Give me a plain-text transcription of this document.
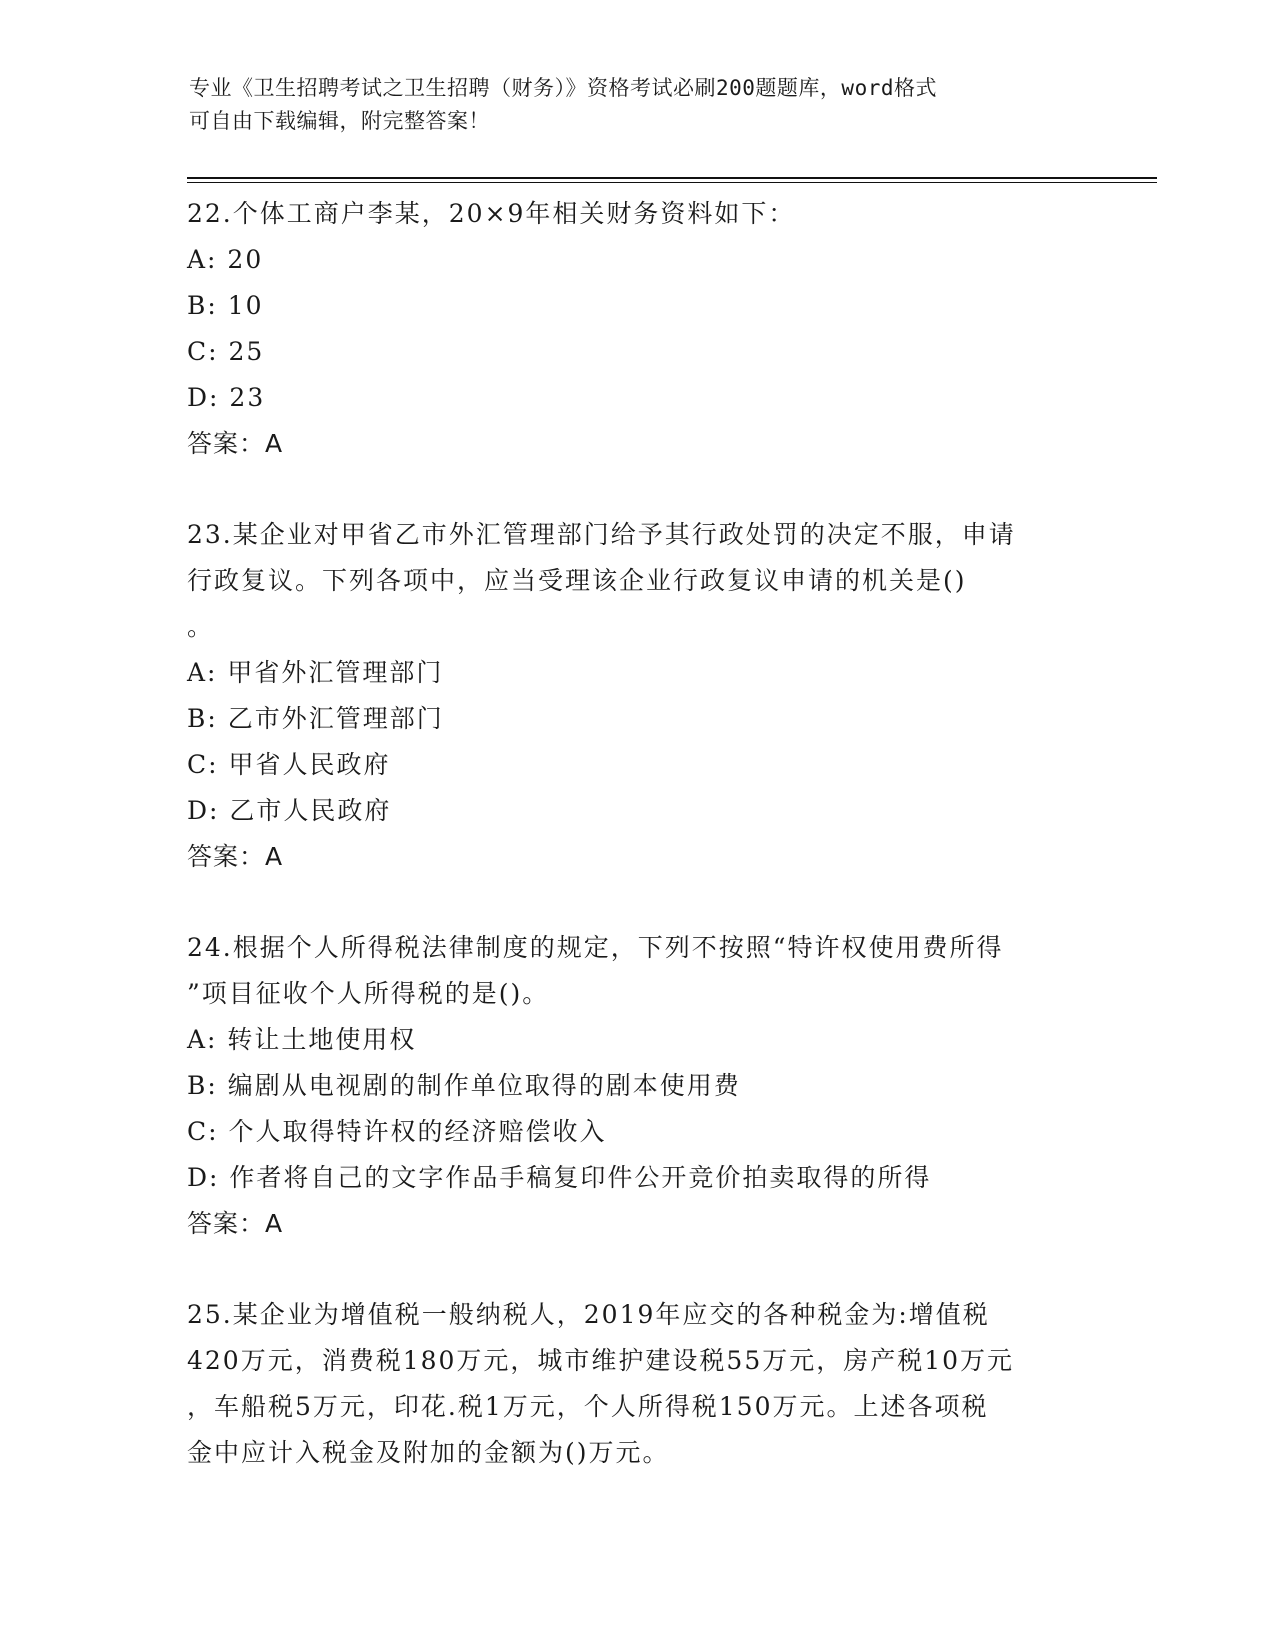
专业《卫生招聘考试之卫生招聘（财务）》资格考试必刷200题题库，word格式
可自由下载编辑，附完整答案！

22.个体工商户李某，20×9年相关财务资料如下：

A: 20

B: 10

C: 25

D: 23

答案：A

23.某企业对甲省乙市外汇管理部门给予其行政处罚的决定不服，申请

行政复议。下列各项中，应当受理该企业行政复议申请的机关是()

。

A: 甲省外汇管理部门

B: 乙市外汇管理部门

C: 甲省人民政府

D: 乙市人民政府

答案：A

24.根据个人所得税法律制度的规定，下列不按照“特许权使用费所得

”项目征收个人所得税的是()。

A: 转让土地使用权

B: 编剧从电视剧的制作单位取得的剧本使用费

C: 个人取得特许权的经济赔偿收入

D: 作者将自己的文字作品手稿复印件公开竞价拍卖取得的所得

答案：A

25.某企业为增值税一般纳税人，2019年应交的各种税金为:增值税

420万元，消费税180万元，城市维护建设税55万元，房产税10万元

，车船税5万元，印花.税1万元，个人所得税150万元。上述各项税

金中应计入税金及附加的金额为()万元。
